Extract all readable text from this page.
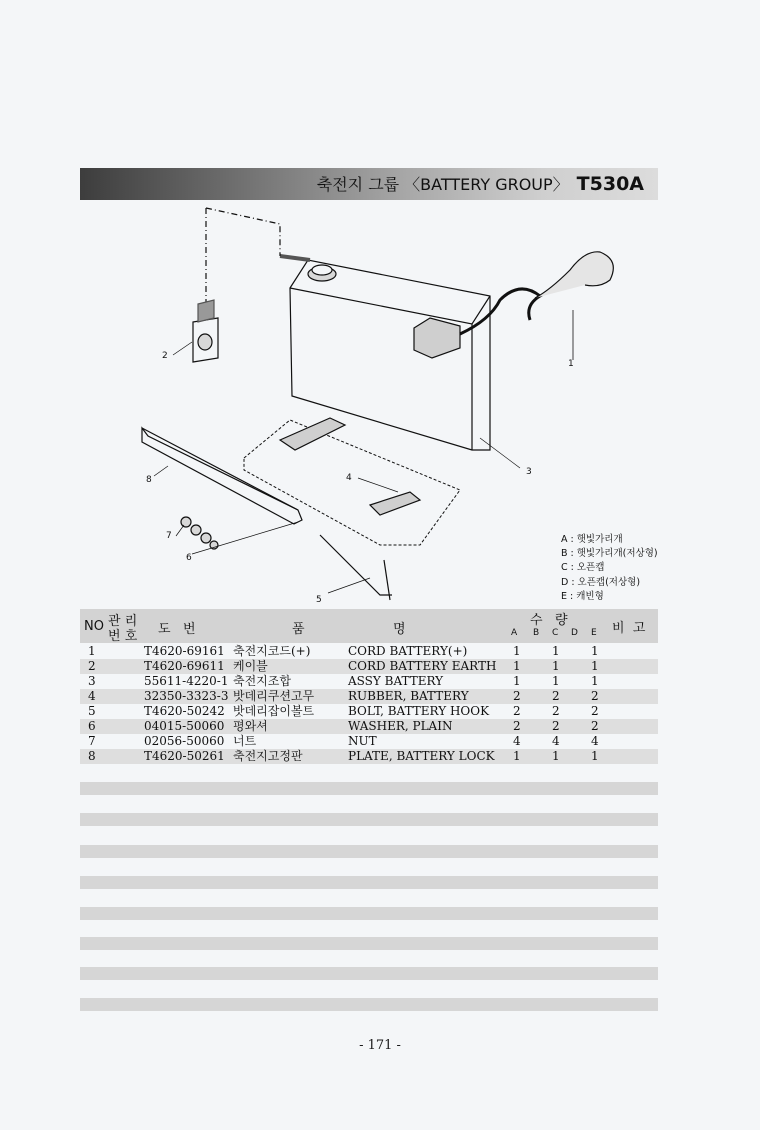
축전지 그룹 〈BATTERY GROUP〉 T530A
1
2
3
4
5
6
7
8
A : 햇빛가리개
B : 햇빛가리개(저상형)
C : 오픈캡
D : 오픈캡(저상형)
E : 캐빈형
NO 관 리
번 호 도   번	품	명
수   량
A B C D E 비  고
1	T4620-69161 축전지코드(+)	CORD BATTERY(+)	1	1	1
2	T4620-69611 케이블	CORD BATTERY EARTH 1	1	1
3	55611-4220-1 축전지조합	ASSY BATTERY	1	1	1
4	32350-3323-3 밧데리쿠션고무	RUBBER, BATTERY	2	2	2
5	T4620-50242 밧데리잡이볼트	BOLT, BATTERY HOOK 2	2	2
6	04015-50060 평와셔	WASHER, PLAIN	2	2	2
7	02056-50060 너트	NUT	4	4	4
8	T4620-50261 축전지고정판	PLATE, BATTERY LOCK 1	1	1
- 171 -
